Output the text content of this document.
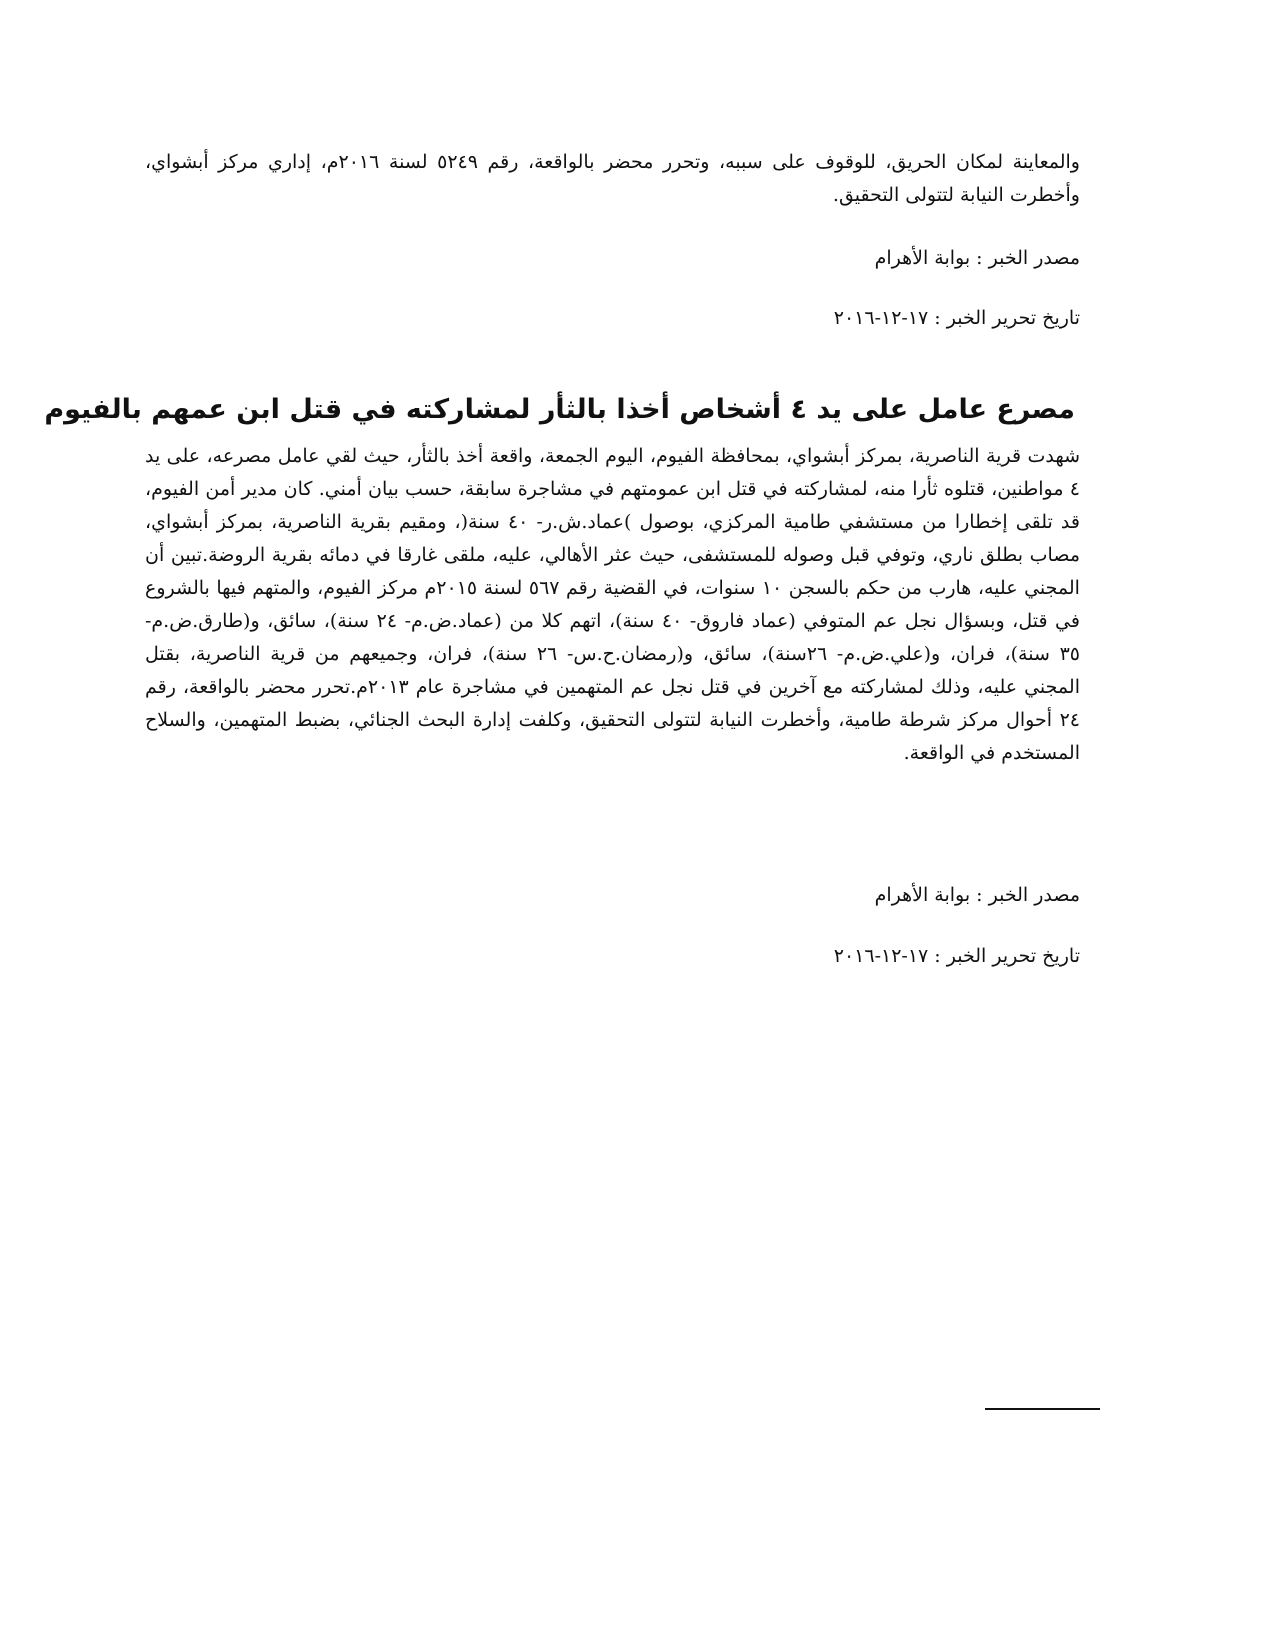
والمعاينة لمكان الحريق، للوقوف على سببه، وتحرر محضر بالواقعة، رقم ٥٢٤٩ لسنة ٢٠١٦م، إداري مركز أبشواي، وأخطرت النيابة لتتولى التحقيق.

مصدر الخبر : بوابة الأهرام

تاريخ تحرير الخبر : ١٧-١٢-٢٠١٦

مصرع عامل على يد ٤ أشخاص أخذا بالثأر لمشاركته في قتل ابن عمهم بالفيوم

شهدت قرية الناصرية، بمركز أبشواي، بمحافظة الفيوم، اليوم الجمعة، واقعة أخذ بالثأر، حيث لقي عامل مصرعه، على يد ٤ مواطنين، قتلوه ثأرا منه، لمشاركته في قتل ابن عمومتهم في مشاجرة سابقة، حسب بيان أمني. كان مدير أمن الفيوم، قد تلقى إخطارا من مستشفي طامية المركزي، بوصول )عماد.ش.ر- ٤٠ سنة(، ومقيم بقرية الناصرية، بمركز أبشواي، مصاب بطلق ناري، وتوفي قبل وصوله للمستشفى، حيث عثر الأهالي، عليه، ملقى غارقا في دمائه بقرية الروضة.تبين أن المجني عليه، هارب من حكم بالسجن ١٠ سنوات، في القضية رقم ٥٦٧ لسنة ٢٠١٥م مركز الفيوم، والمتهم فيها بالشروع في قتل، وبسؤال نجل عم المتوفي (عماد فاروق- ٤٠ سنة)، اتهم كلا من (عماد.ض.م- ٢٤ سنة)، سائق، و(طارق.ض.م- ٣٥ سنة)، فران، و(علي.ض.م- ٢٦سنة)، سائق، و(رمضان.ح.س- ٢٦ سنة)، فران، وجميعهم من قرية الناصرية، بقتل المجني عليه، وذلك لمشاركته مع آخرين في قتل نجل عم المتهمين في مشاجرة عام ٢٠١٣م.تحرر محضر بالواقعة، رقم ٢٤ أحوال مركز شرطة طامية، وأخطرت النيابة لتتولى التحقيق، وكلفت إدارة البحث الجنائي، بضبط المتهمين، والسلاح المستخدم في الواقعة.

مصدر الخبر : بوابة الأهرام

تاريخ تحرير الخبر : ١٧-١٢-٢٠١٦
